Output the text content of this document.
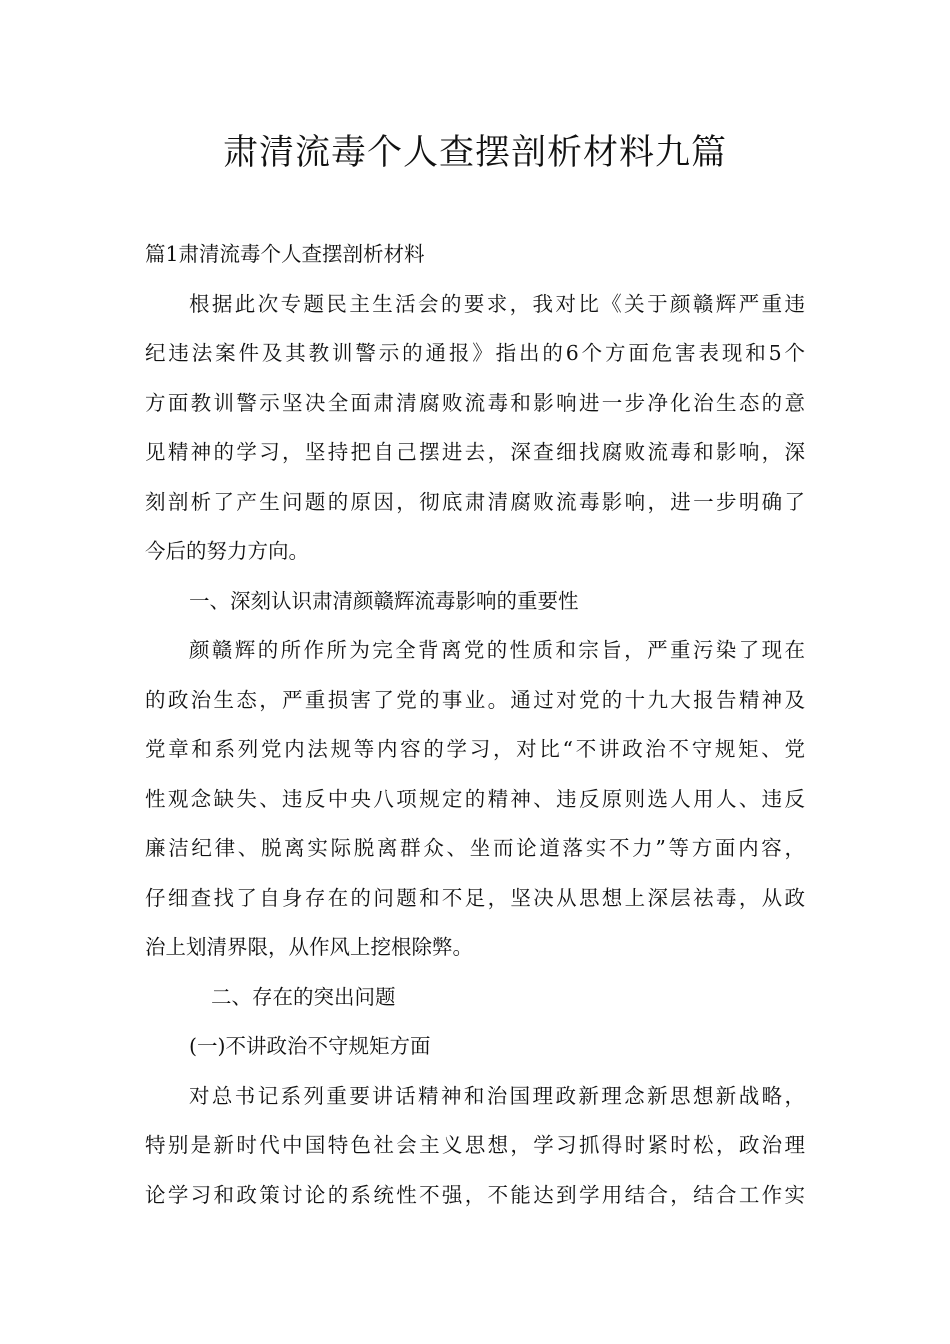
肃清流毒个人查摆剖析材料九篇
篇1肃清流毒个人查摆剖析材料
根据此次专题民主生活会的要求，我对比《关于颜赣辉严重违
纪违法案件及其教训警示的通报》指出的6个方面危害表现和5个
方面教训警示坚决全面肃清腐败流毒和影响进一步净化治生态的意
见精神的学习，坚持把自己摆进去，深查细找腐败流毒和影响，深
刻剖析了产生问题的原因，彻底肃清腐败流毒影响，进一步明确了
今后的努力方向。
一、深刻认识肃清颜赣辉流毒影响的重要性
颜赣辉的所作所为完全背离党的性质和宗旨，严重污染了现在
的政治生态，严重损害了党的事业。通过对党的十九大报告精神及
党章和系列党内法规等内容的学习，对比“不讲政治不守规矩、党
性观念缺失、违反中央八项规定的精神、违反原则选人用人、违反
廉洁纪律、脱离实际脱离群众、坐而论道落实不力”等方面内容，
仔细查找了自身存在的问题和不足，坚决从思想上深层祛毒，从政
治上划清界限，从作风上挖根除弊。
二、存在的突出问题
(一)不讲政治不守规矩方面
对总书记系列重要讲话精神和治国理政新理念新思想新战略，
特别是新时代中国特色社会主义思想，学习抓得时紧时松，政治理
论学习和政策讨论的系统性不强，不能达到学用结合，结合工作实
